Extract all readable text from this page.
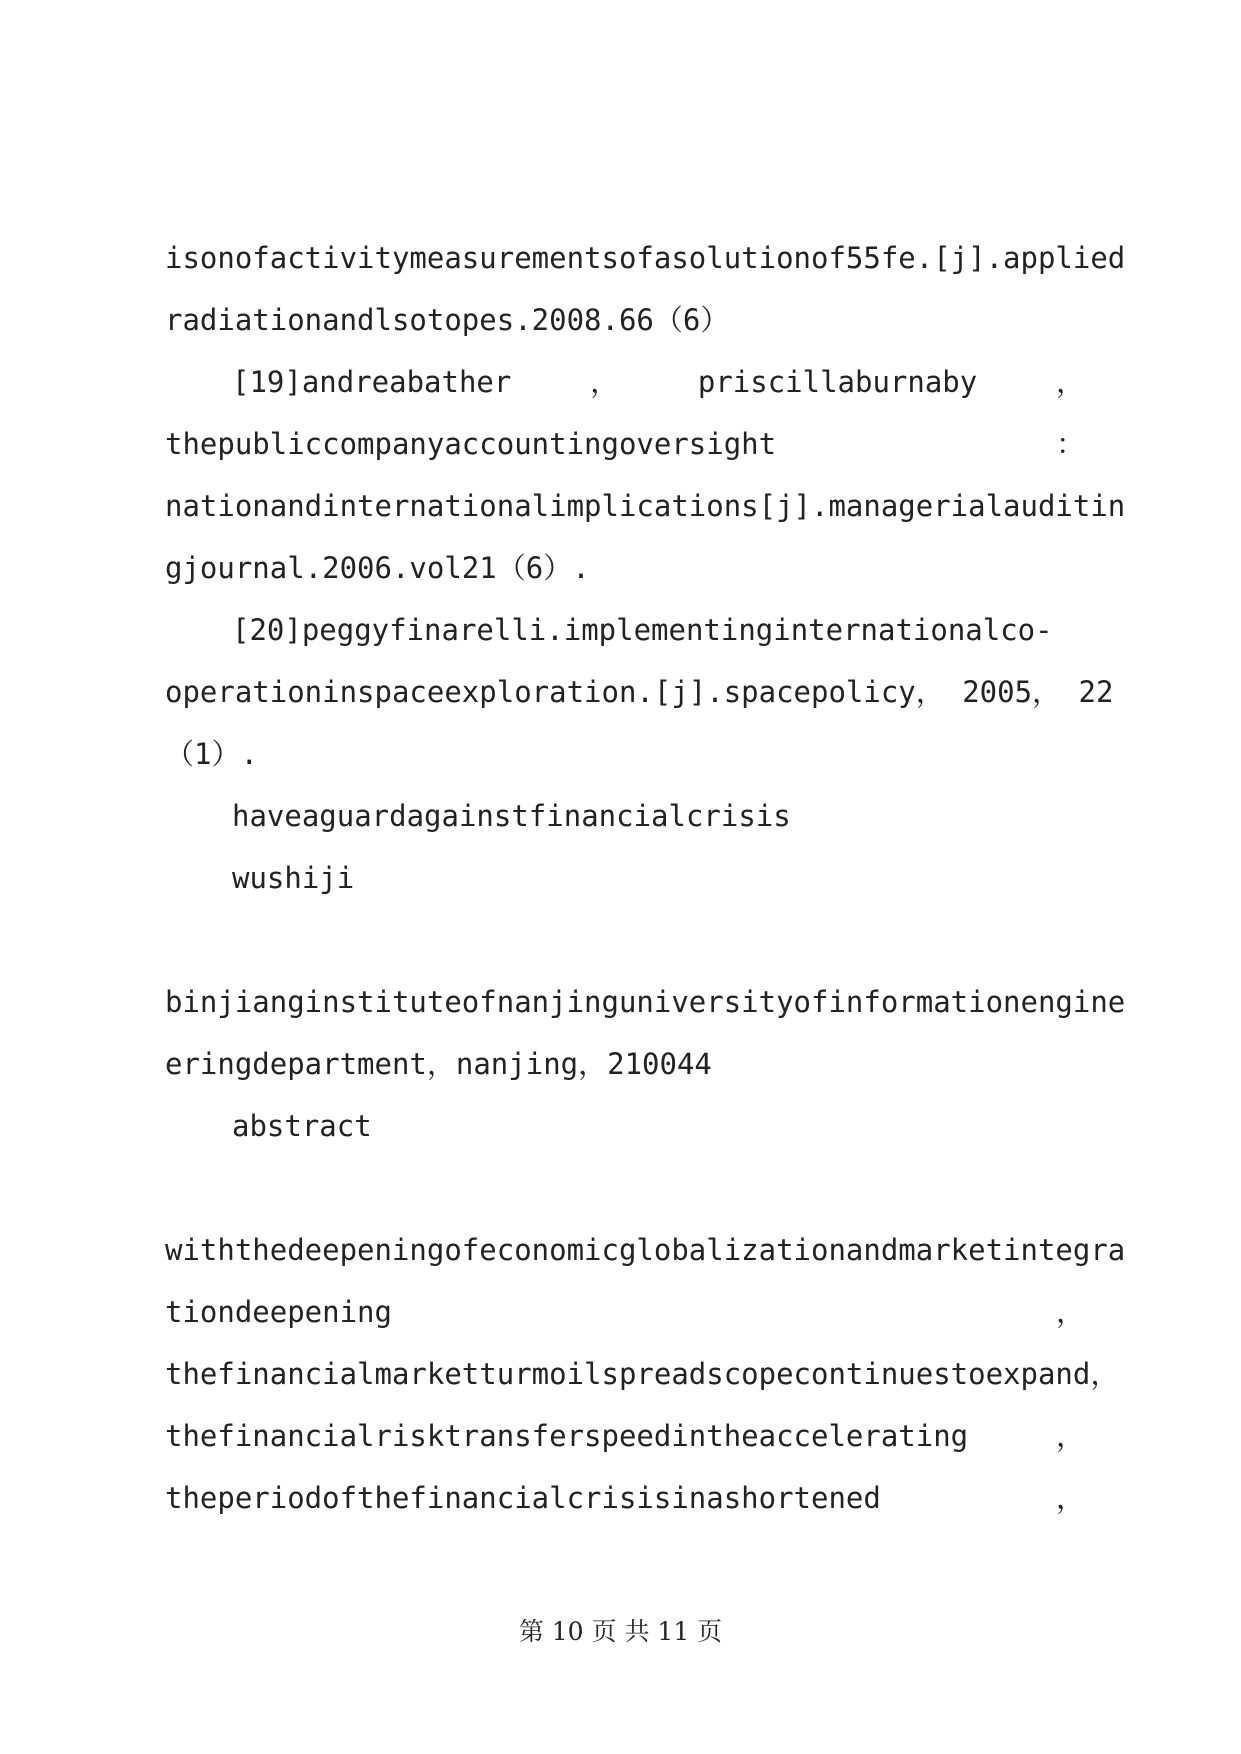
isonofactivitymeasurementsofasolutionof55fe.[j].applied
radiationandlsotopes.2008.66（6）
[19]andreabather	，	priscillaburnaby	，
thepubliccompanyaccountingoversight	：
nationandinternationalimplications[j].managerialauditin
gjournal.2006.vol21（6）.
[20]peggyfinarelli.implementinginternationalco-
operationinspaceexploration.[j].spacepolicy， 2005， 22
（1）.
haveaguardagainstfinancialcrisis
wushiji
binjianginstituteofnanjinguniversityofinformationengine
eringdepartment，nanjing，210044
abstract
withthedeepeningofeconomicglobalizationandmarketintegra
tiondeepening	，
thefinancialmarketturmoilspreadscopecontinuestoexpand，
thefinancialrisktransferspeedintheaccelerating	，
theperiodofthefinancialcrisisinashortened	，
第 10 页 共 11 页
